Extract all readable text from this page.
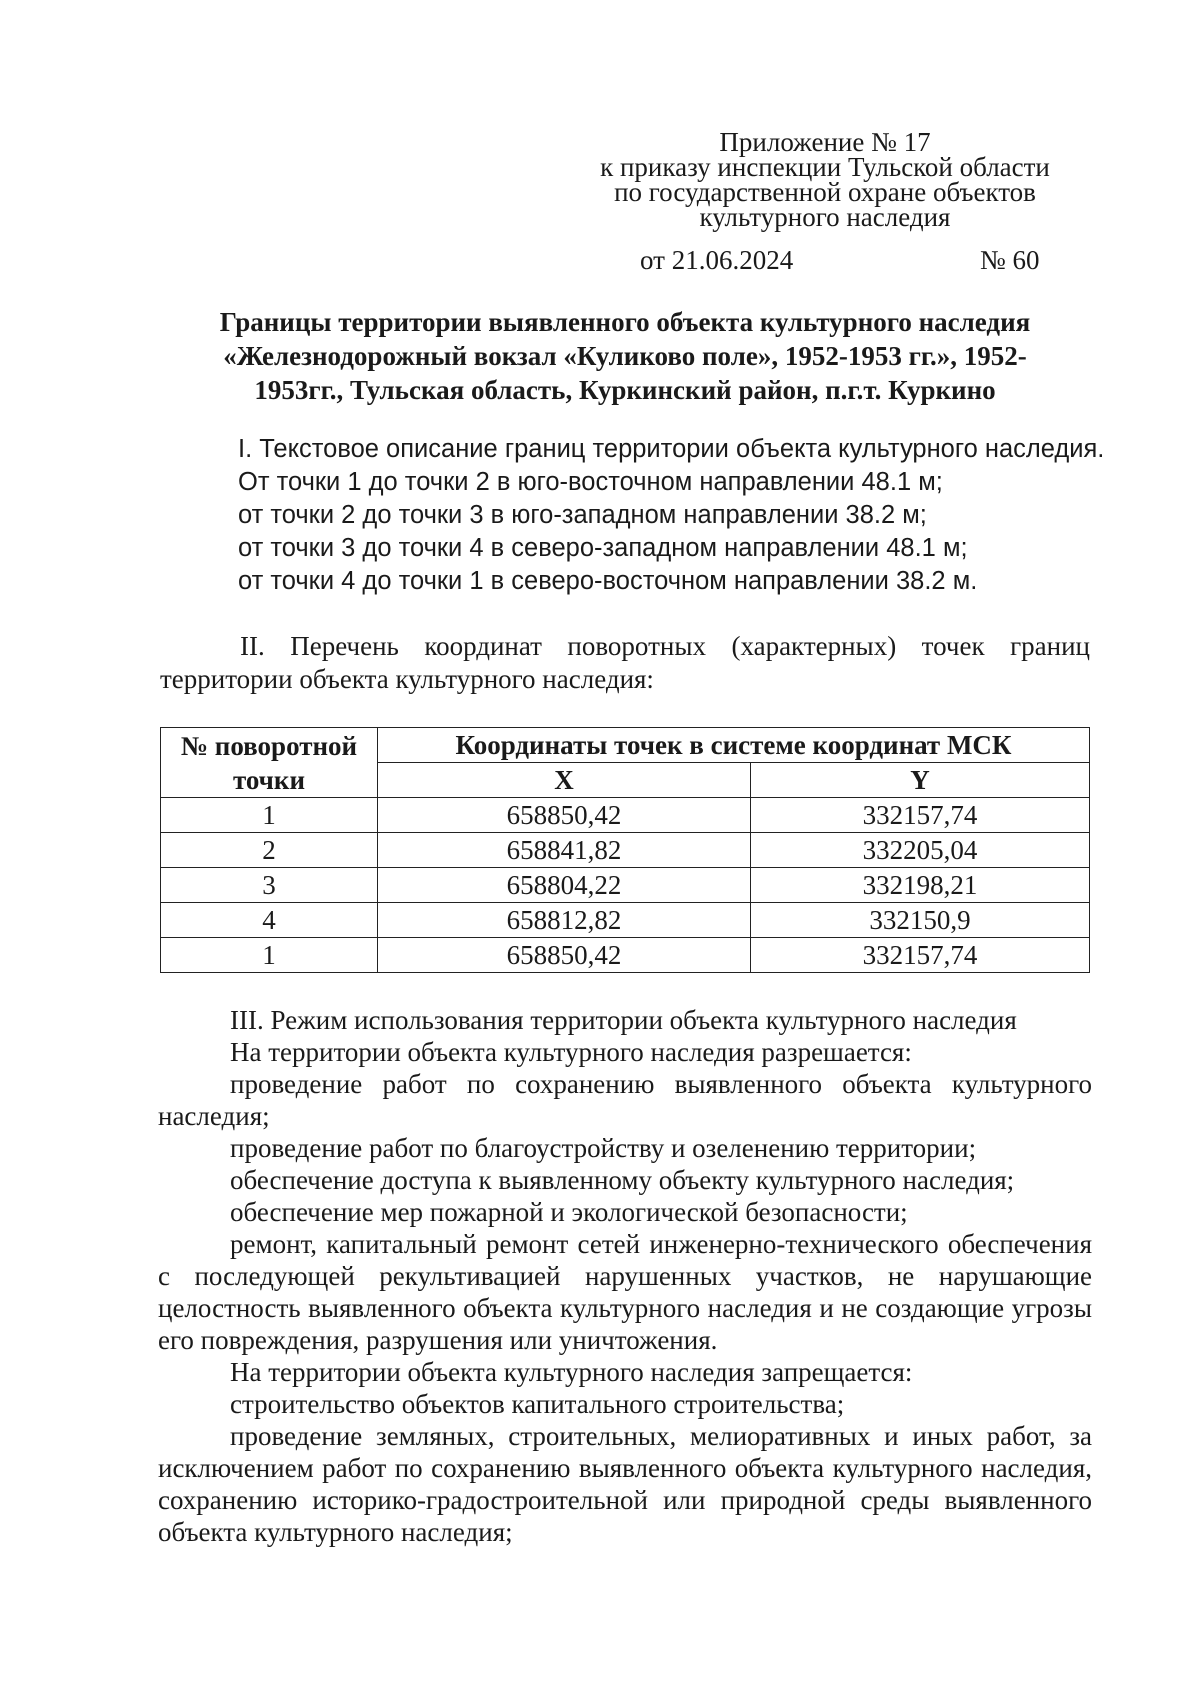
Приложение № 17
к приказу инспекции Тульской области
по государственной охране объектов
культурного наследия
от 21.06.2024	№ 60
Границы территории выявленного объекта культурного наследия
«Железнодорожный вокзал «Куликово поле», 1952-1953 гг.», 1952-
1953гг., Тульская область, Куркинский район, п.г.т. Куркино
I. Текстовое описание границ территории объекта культурного наследия.
От точки 1 до точки 2 в юго-восточном направлении 48.1 м;
от точки 2 до точки 3 в юго-западном направлении 38.2 м;
от точки 3 до точки 4 в северо-западном направлении 48.1 м;
от точки 4 до точки 1 в северо-восточном направлении 38.2 м.
II. Перечень координат поворотных (характерных) точек границ
территории объекта культурного наследия:
№ поворотной точки	Координаты точек в системе координат МСК	
	X	Y
1	658850,42	332157,74
2	658841,82	332205,04
3	658804,22	332198,21
4	658812,82	332150,9
1	658850,42	332157,74
III. Режим использования территории объекта культурного наследия
На территории объекта культурного наследия разрешается:
проведение работ по сохранению выявленного объекта культурного наследия;
проведение работ по благоустройству и озеленению территории;
обеспечение доступа к выявленному объекту культурного наследия;
обеспечение мер пожарной и экологической безопасности;
ремонт, капитальный ремонт сетей инженерно-технического обеспечения с последующей рекультивацией нарушенных участков, не нарушающие целостность выявленного объекта культурного наследия и не создающие угрозы его повреждения, разрушения или уничтожения.
На территории объекта культурного наследия запрещается:
строительство объектов капитального строительства;
проведение земляных, строительных, мелиоративных и иных работ, за исключением работ по сохранению выявленного объекта культурного наследия, сохранению историко-градостроительной или природной среды выявленного объекта культурного наследия;
